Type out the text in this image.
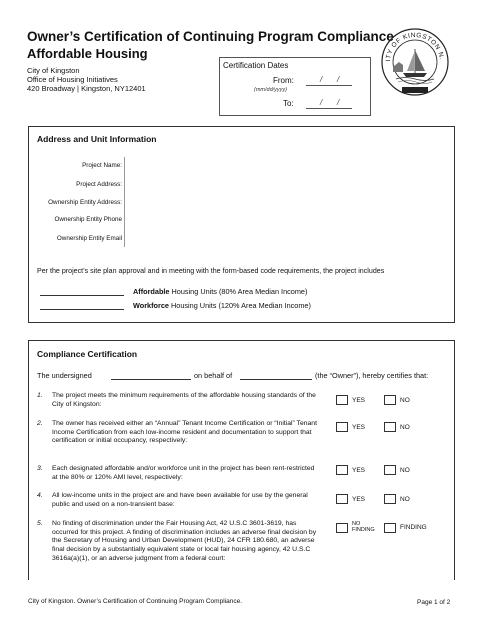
Owner’s Certification of Continuing Program Compliance
Affordable Housing
City of Kingston
Office of Housing Initiatives
420 Broadway | Kingston, NY12401
Certification Dates
From:	/ /
(mm/dd/yyyy)
To:	/ /
ITY OF KINGSTON N.
Address and Unit Information
Project Name:
Project Address:
Ownership Entity Address:
Ownership Entity Phone
Ownership Entity Email
Per the project’s site plan approval and in meeting with the form-based code requirements, the project includes
Affordable Housing Units (80% Area Median Income)
Workforce Housing Units (120% Area Median Income)
Compliance Certification
The undersigned	on behalf of	(the “Owner”), hereby certifies that:
1. The project meets the minimum requirements of the affordable housing standards of the City of Kingston:
YES	NO
2. The owner has received either an “Annual” Tenant Income Certification or “Initial” Tenant Income Certification from each low-income resident and documentation to support that certification or initial occupancy, respectively:
YES	NO
3. Each designated affordable and/or workforce unit in the project has been rent-restricted at the 80% or 120% AMI level, respectively:
YES	NO
4. All low-income units in the project are and have been available for use by the general public and used on a non-transient base:
YES	NO
5. No finding of discrimination under the Fair Housing Act, 42 U.S.C 3601-3619, has occurred for this project. A finding of discrimination includes an adverse final decision by the Secretary of Housing and Urban Development (HUD), 24 CFR 180.680, an adverse final decision by a substantially equivalent state or local fair housing agency, 42 U.S.C 3616a(a)(1), or an adverse judgment from a federal court:
NO
FINDING	FINDING
City of Kingston. Owner’s Certification of Continuing Program Compliance.	Page 1 of 2
